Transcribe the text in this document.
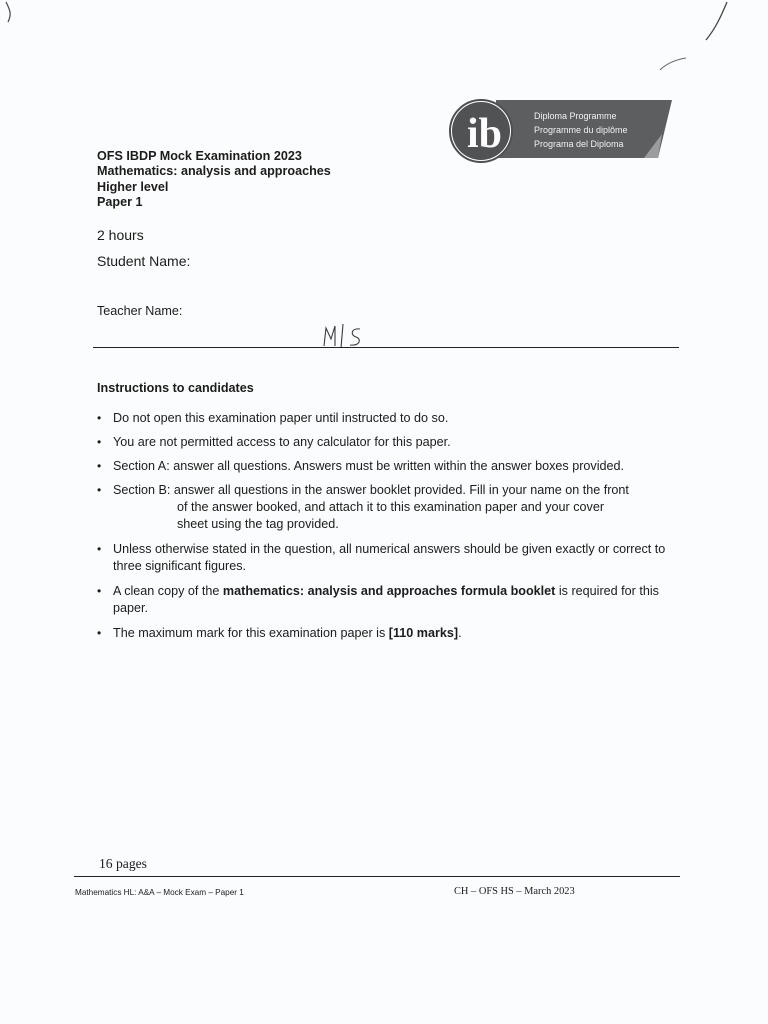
ib	Diploma Programme
Programme du diplôme
Programa del Diploma
OFS IBDP Mock Examination 2023
Mathematics: analysis and approaches
Higher level
Paper 1
2 hours
Student Name:
Teacher Name:
Instructions to candidates
• Do not open this examination paper until instructed to do so.
• You are not permitted access to any calculator for this paper.
• Section A: answer all questions. Answers must be written within the answer boxes provided.
• Section B: answer all questions in the answer booklet provided. Fill in your name on the front
of the answer booked, and attach it to this examination paper and your cover
sheet using the tag provided.
• Unless otherwise stated in the question, all numerical answers should be given exactly or correct to three significant figures.
• A clean copy of the mathematics: analysis and approaches formula booklet is required for this paper.
• The maximum mark for this examination paper is [110 marks].
16 pages
Mathematics HL: A&A – Mock Exam – Paper 1	CH – OFS HS – March 2023
